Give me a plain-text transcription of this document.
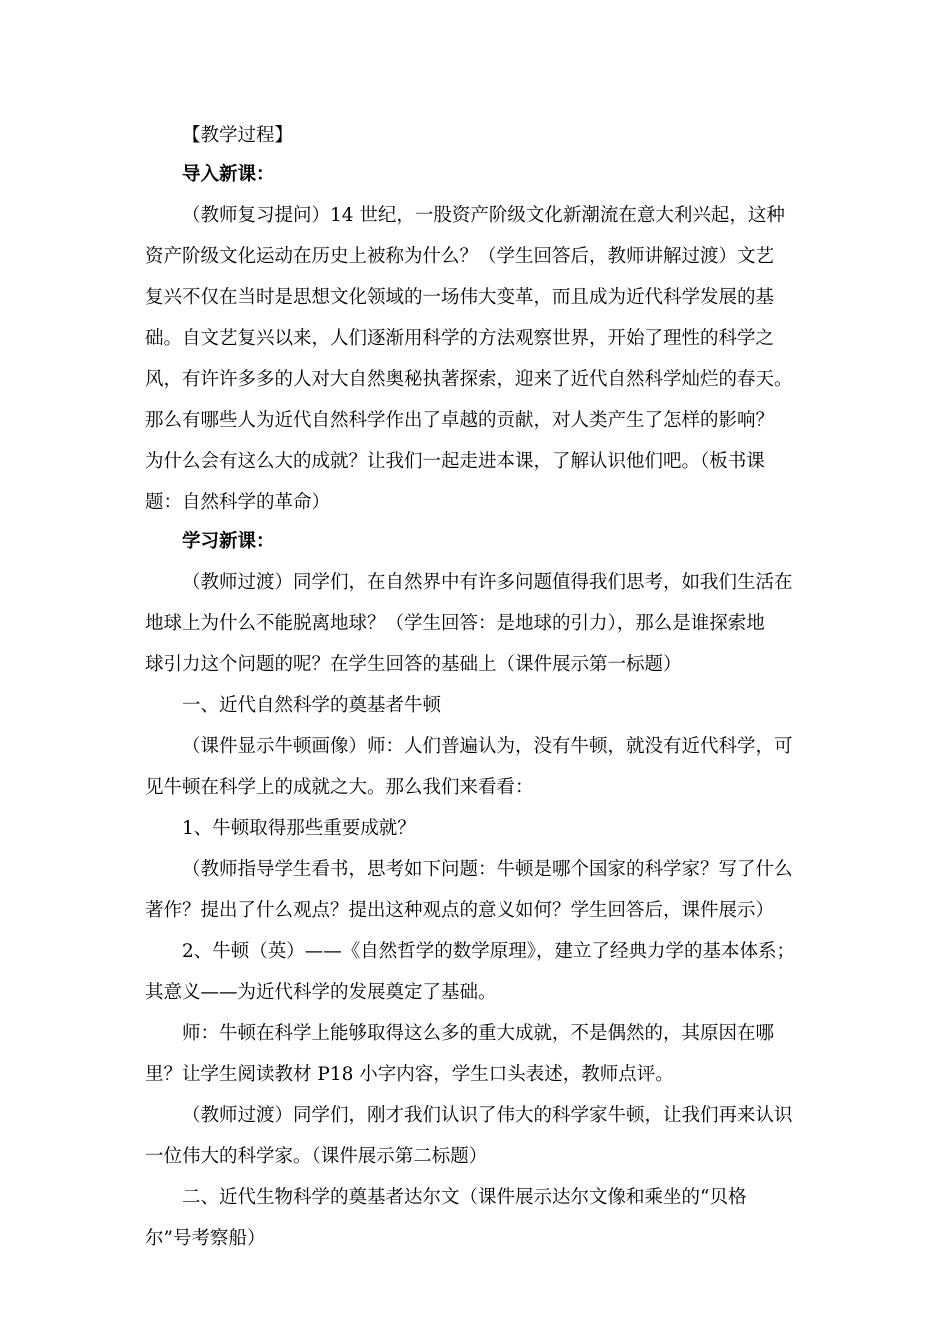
【教学过程】
导入新课：
（教师复习提问）14 世纪，一股资产阶级文化新潮流在意大利兴起，这种
资产阶级文化运动在历史上被称为什么？（学生回答后，教师讲解过渡）文艺
复兴不仅在当时是思想文化领域的一场伟大变革，而且成为近代科学发展的基
础。自文艺复兴以来，人们逐渐用科学的方法观察世界，开始了理性的科学之
风，有许许多多的人对大自然奥秘执著探索，迎来了近代自然科学灿烂的春天。
那么有哪些人为近代自然科学作出了卓越的贡献，对人类产生了怎样的影响？
为什么会有这么大的成就？让我们一起走进本课，了解认识他们吧。（板书课
题：自然科学的革命）
学习新课：
（教师过渡）同学们，在自然界中有许多问题值得我们思考，如我们生活在
地球上为什么不能脱离地球？（学生回答：是地球的引力），那么是谁探索地
球引力这个问题的呢？在学生回答的基础上（课件展示第一标题）
一、近代自然科学的奠基者牛顿
（课件显示牛顿画像）师：人们普遍认为，没有牛顿，就没有近代科学，可
见牛顿在科学上的成就之大。那么我们来看看：
1、牛顿取得那些重要成就？
（教师指导学生看书，思考如下问题：牛顿是哪个国家的科学家？写了什么
著作？提出了什么观点？提出这种观点的意义如何？学生回答后，课件展示）
2、牛顿（英）——《自然哲学的数学原理》，建立了经典力学的基本体系；
其意义——为近代科学的发展奠定了基础。
师：牛顿在科学上能够取得这么多的重大成就，不是偶然的，其原因在哪
里？让学生阅读教材 P18 小字内容，学生口头表述，教师点评。
（教师过渡）同学们，刚才我们认识了伟大的科学家牛顿，让我们再来认识
一位伟大的科学家。（课件展示第二标题）
二、近代生物科学的奠基者达尔文（课件展示达尔文像和乘坐的“贝格
尔”号考察船）
